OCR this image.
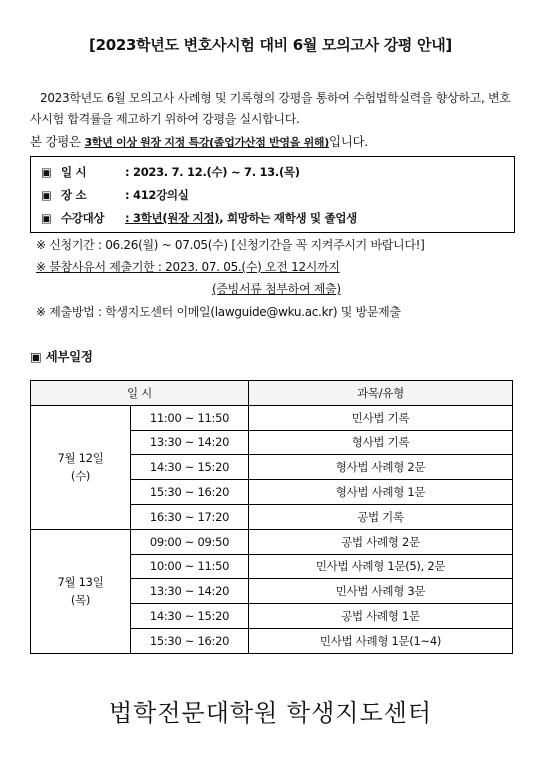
[2023학년도 변호사시험 대비 6월 모의고사 강평 안내]
2023학년도 6월 모의고사 사례형 및 기록형의 강평을 통하여 수험법학실력을 향상하고, 변호사시험 합격률을 제고하기 위하여 강평을 실시합니다.
본 강평은 3학년 이상 원장 지정 특강(졸업가산점 반영을 위해)입니다.
▣ 일 시	: 2023. 7. 12.(수) ~ 7. 13.(목)
▣ 장 소	: 412강의실
▣ 수강대상 : 3학년(원장 지정), 희망하는 재학생 및 졸업생
※ 신청기간 : 06.26(월) ~ 07.05(수) [신청기간을 꼭 지켜주시기 바랍니다!]
※ 불참사유서 제출기한 : 2023. 07. 05.(수) 오전 12시까지
(증빙서류 첨부하여 제출)
※ 제출방법 : 학생지도센터 이메일(lawguide@wku.ac.kr) 및 방문제출
▣ 세부일정
일 시		과목/유형
7월 12일
(수)	11:00 ~ 11:50	민사법 기록
	13:30 ~ 14:20	형사법 기록
	14:30 ~ 15:20	형사법 사례형 2문
	15:30 ~ 16:20	형사법 사례형 1문
	16:30 ~ 17:20	공법 기록
7월 13일
(목)	09:00 ~ 09:50	공법 사례형 2문
	10:00 ~ 11:50	민사법 사례형 1문(5), 2문
	13:30 ~ 14:20	민사법 사례형 3문
	14:30 ~ 15:20	공법 사례형 1문
	15:30 ~ 16:20	민사법 사례형 1문(1~4)
법학전문대학원 학생지도센터
